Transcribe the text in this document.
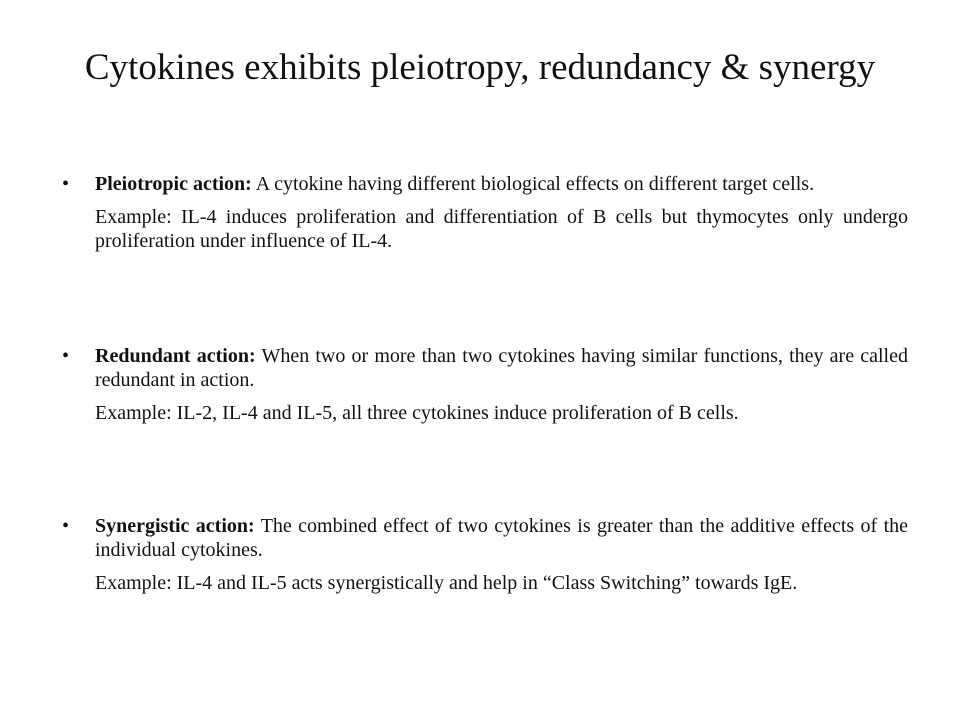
Cytokines exhibits pleiotropy, redundancy & synergy
• Pleiotropic action: A cytokine having different biological effects on different target cells.

Example: IL-4 induces proliferation and differentiation of B cells but thymocytes only undergo proliferation under influence of IL-4.

• Redundant action: When two or more than two cytokines having similar functions, they are called redundant in action.

Example: IL-2, IL-4 and IL-5, all three cytokines induce proliferation of B cells.

• Synergistic action: The combined effect of two cytokines is greater than the additive effects of the individual cytokines.

Example: IL-4 and IL-5 acts synergistically and help in “Class Switching” towards IgE.
